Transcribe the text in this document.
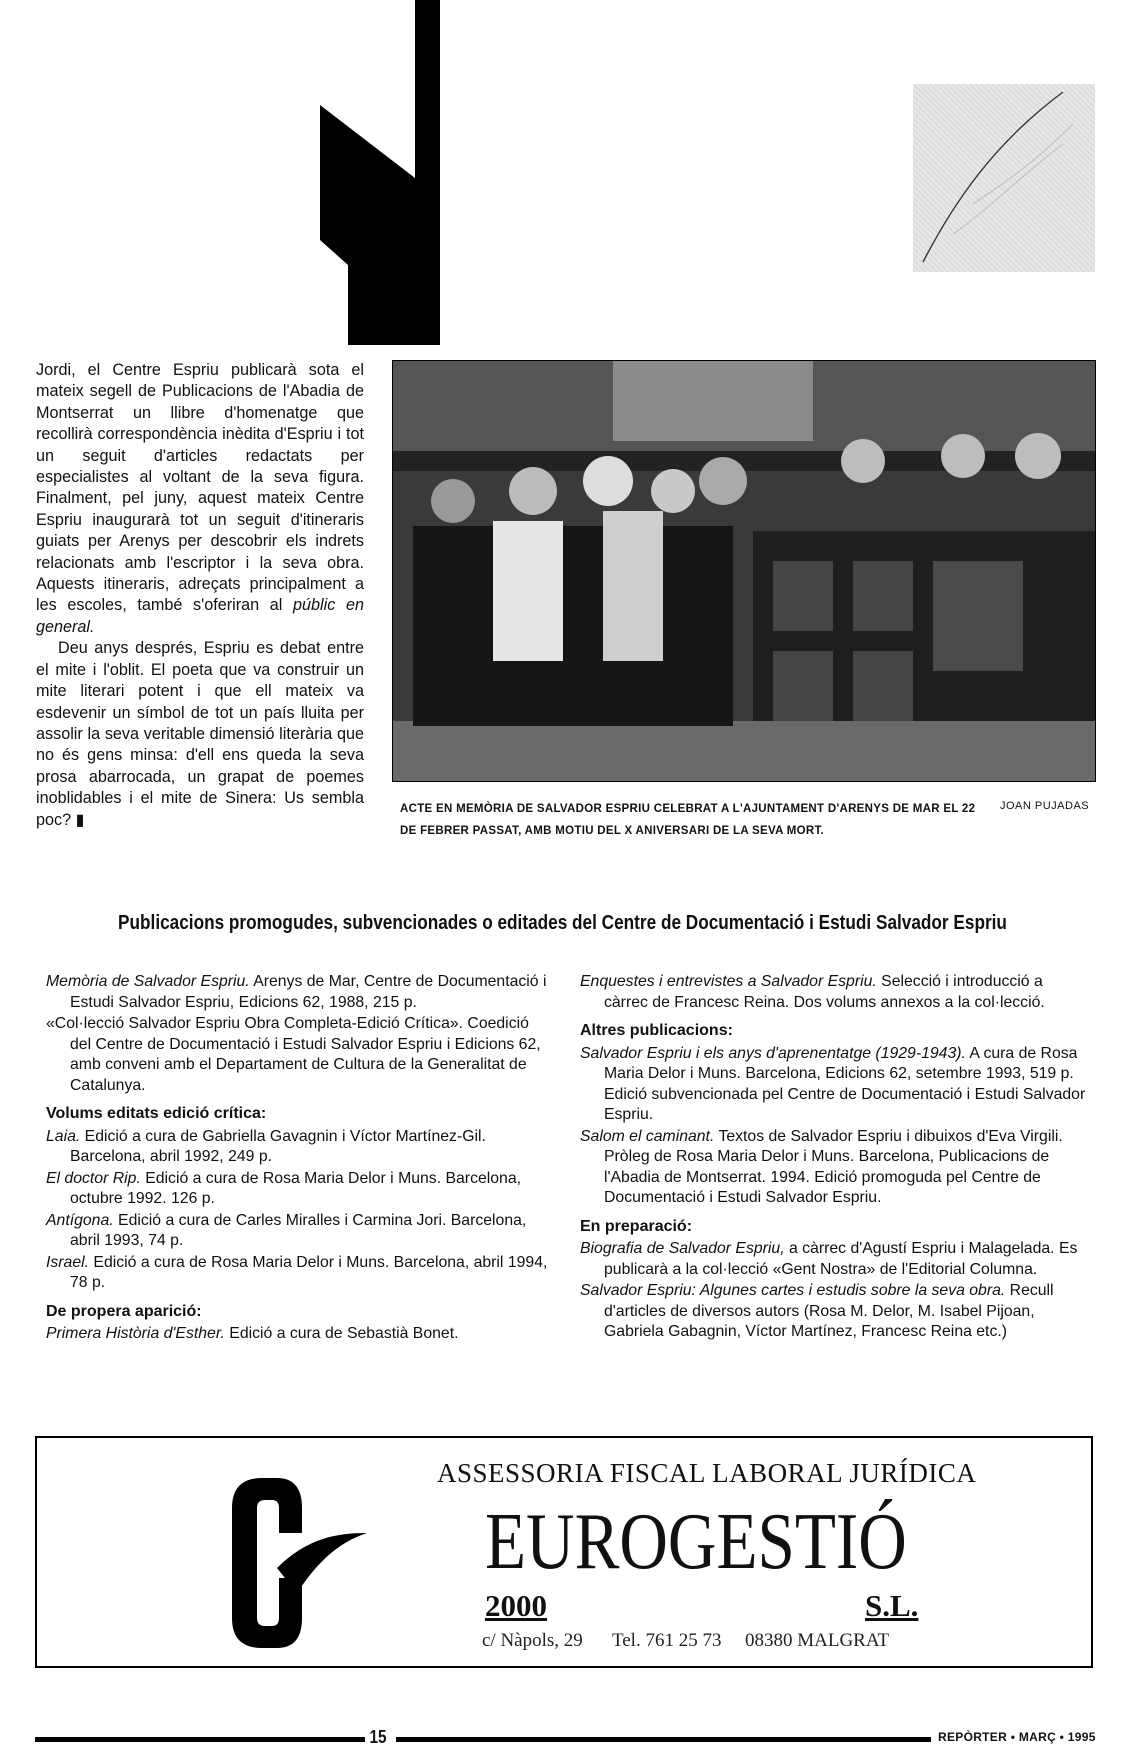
Jordi, el Centre Espriu publicarà sota el mateix segell de Publicacions de l'Abadia de Montserrat un llibre d'homenatge que recollirà correspondència inèdita d'Espriu i tot un seguit d'articles redactats per especialistes al voltant de la seva figura. Finalment, pel juny, aquest mateix Centre Espriu inaugurarà tot un seguit d'itineraris guiats per Arenys per descobrir els indrets relacionats amb l'escriptor i la seva obra. Aquests itineraris, adreçats principalment a les escoles, també s'oferiran al públic en general.

Deu anys després, Espriu es debat entre el mite i l'oblit. El poeta que va construir un mite literari potent i que ell mateix va esdevenir un símbol de tot un país lluita per assolir la seva veritable dimensió literària que no és gens minsa: d'ell ens queda la seva prosa abarrocada, un grapat de poemes inoblidables i el mite de Sinera: Us sembla poc? ▮

ACTE EN MEMÒRIA DE SALVADOR ESPRIU CELEBRAT A L'AJUNTAMENT D'ARENYS DE MAR EL 22 DE FEBRER PASSAT, AMB MOTIU DEL X ANIVERSARI DE LA SEVA MORT.
JOAN PUJADAS
Publicacions promogudes, subvencionades o editades del Centre de Documentació i Estudi Salvador Espriu

Memòria de Salvador Espriu. Arenys de Mar, Centre de Documentació i Estudi Salvador Espriu, Edicions 62, 1988, 215 p.

«Col·lecció Salvador Espriu Obra Completa-Edició Crítica». Coedició del Centre de Documentació i Estudi Salvador Espriu i Edicions 62, amb conveni amb el Departament de Cultura de la Generalitat de Catalunya.

Volums editats edició crítica:

Laia. Edició a cura de Gabriella Gavagnin i Víctor Martínez-Gil. Barcelona, abril 1992, 249 p.

El doctor Rip. Edició a cura de Rosa Maria Delor i Muns. Barcelona, octubre 1992. 126 p.

Antígona. Edició a cura de Carles Miralles i Carmina Jori. Barcelona, abril 1993, 74 p.

Israel. Edició a cura de Rosa Maria Delor i Muns. Barcelona, abril 1994, 78 p.

De propera aparició:

Primera Història d'Esther. Edició a cura de Sebastià Bonet.

Enquestes i entrevistes a Salvador Espriu. Selecció i introducció a càrrec de Francesc Reina. Dos volums annexos a la col·lecció.

Altres publicacions:

Salvador Espriu i els anys d'aprenentatge (1929-1943). A cura de Rosa Maria Delor i Muns. Barcelona, Edicions 62, setembre 1993, 519 p. Edició subvencionada pel Centre de Documentació i Estudi Salvador Espriu.

Salom el caminant. Textos de Salvador Espriu i dibuixos d'Eva Virgili. Pròleg de Rosa Maria Delor i Muns. Barcelona, Publicacions de l'Abadia de Montserrat. 1994. Edició promoguda pel Centre de Documentació i Estudi Salvador Espriu.

En preparació:

Biografia de Salvador Espriu, a càrrec d'Agustí Espriu i Malagelada. Es publicarà a la col·lecció «Gent Nostra» de l'Editorial Columna.

Salvador Espriu: Algunes cartes i estudis sobre la seva obra. Recull d'articles de diversos autors (Rosa M. Delor, M. Isabel Pijoan, Gabriela Gabagnin, Víctor Martínez, Francesc Reina etc.)

ASSESSORIA FISCAL LABORAL JURÍDICA
EUROGESTIÓ
2000	S.L.
c/ Nàpols, 29 Tel. 761 25 73 08380 MALGRAT
15	REPÒRTER • MARÇ • 1995
